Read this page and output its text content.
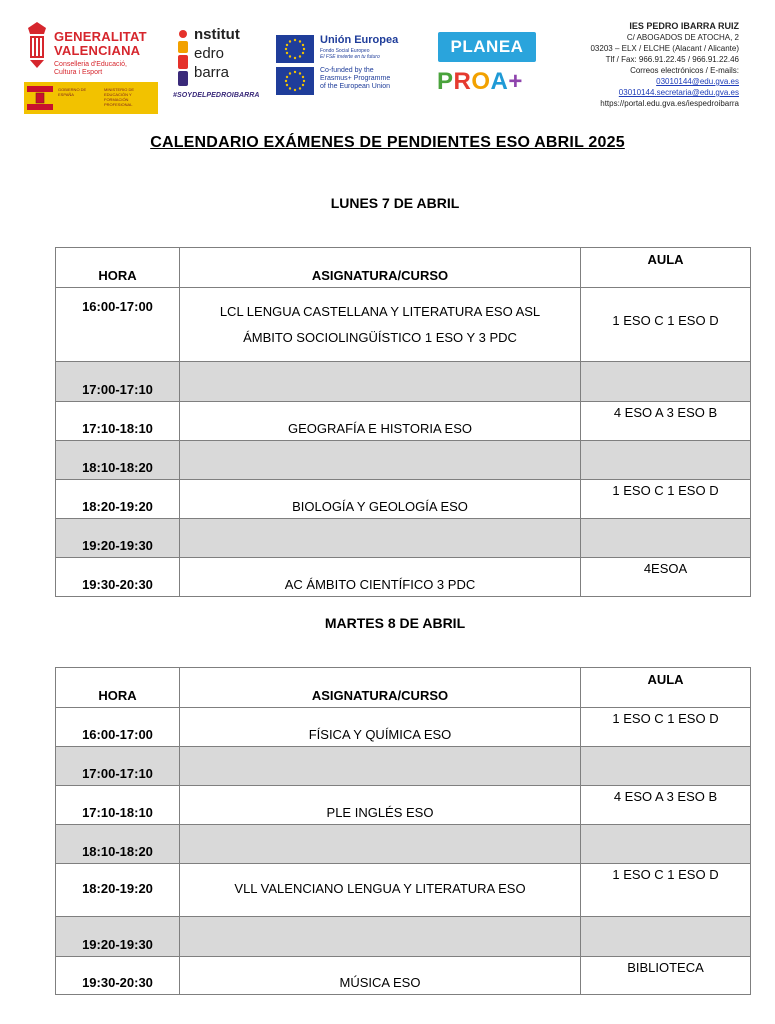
GENERALITAT
VALENCIANA
Conselleria d'Educació,
Cultura i Esport
GOBIERNO DE ESPAÑA
MINISTERIO DE EDUCACIÓN Y FORMACIÓN PROFESIONAL
nstitut
edro
barra
#SOYDELPEDROIBARRA
Unión Europea
Fondo Social Europeo
El FSE invierte en tu futuro
Co-funded by the
Erasmus+ Programme
of the European Union
PLANEA
PROA+
IES PEDRO IBARRA RUIZ
C/ ABOGADOS DE ATOCHA, 2
03203 – ELX / ELCHE (Alacant / Alicante)
Tlf / Fax: 966.91.22.45 / 966.91.22.46
Correos electrónicos / E-mails:
03010144@edu.gva.es
03010144.secretaria@edu.gva.es
https://portal.edu.gva.es/iespedroibarra
CALENDARIO EXÁMENES DE PENDIENTES ESO ABRIL 2025
LUNES 7 DE ABRIL
HORA	ASIGNATURA/CURSO	AULA
16:00-17:00	LCL LENGUA CASTELLANA Y LITERATURA ESO ASL
ÁMBITO SOCIOLINGÜÍSTICO 1 ESO Y 3 PDC	1 ESO C 1 ESO D
17:00-17:10		
17:10-18:10	GEOGRAFÍA E HISTORIA ESO	4 ESO A 3 ESO B
18:10-18:20		
18:20-19:20	BIOLOGÍA Y GEOLOGÍA ESO	1 ESO C 1 ESO D
19:20-19:30		
19:30-20:30	AC ÁMBITO CIENTÍFICO 3 PDC	4ESOA
MARTES 8 DE ABRIL
HORA	ASIGNATURA/CURSO	AULA
16:00-17:00	FÍSICA Y QUÍMICA ESO	1 ESO C 1 ESO D
17:00-17:10		
17:10-18:10	PLE INGLÉS ESO	4 ESO A 3 ESO B
18:10-18:20		
18:20-19:20	VLL VALENCIANO LENGUA Y LITERATURA ESO	1 ESO C 1 ESO D
19:20-19:30		
19:30-20:30	MÚSICA ESO	BIBLIOTECA
